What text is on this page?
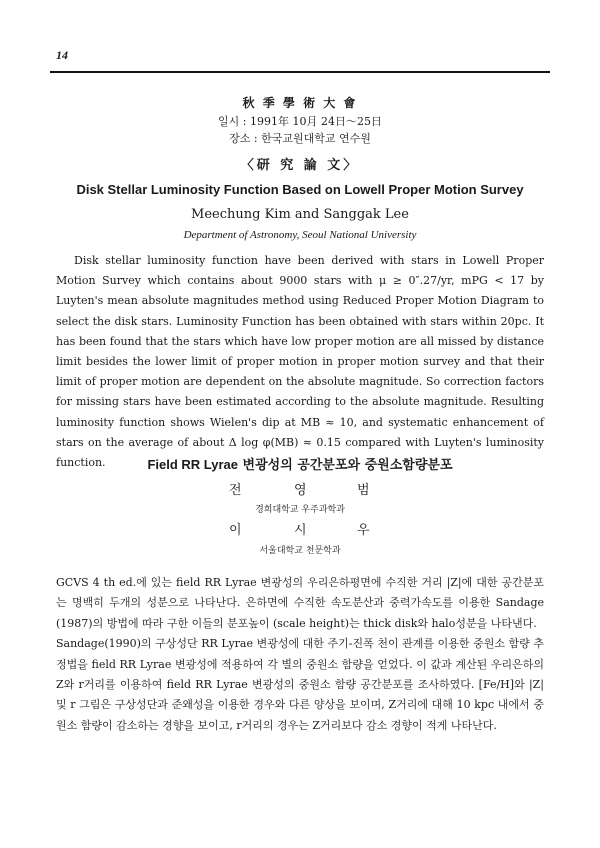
14
秋 季 學 術 大 會
일시 : 1991年 10月 24日～25日
장소 : 한국교원대학교 연수원
〈研 究 論 文〉
Disk Stellar Luminosity Function Based on Lowell Proper Motion Survey
Meechung Kim and Sanggak Lee
Department of Astronomy, Seoul National University

Disk stellar luminosity function have been derived with stars in Lowell Proper Motion Survey which contains about 9000 stars with μ ≥ 0″.27/yr, mPG < 17 by Luyten's mean absolute magnitudes method using Reduced Proper Motion Diagram to select the disk stars. Luminosity Function has been obtained with stars within 20pc. It has been found that the stars which have low proper motion are all missed by distance limit besides the lower limit of proper motion in proper motion survey and that their limit of proper motion are dependent on the absolute magnitude. So correction factors for missing stars have been estimated according to the absolute magnitude. Resulting luminosity function shows Wielen's dip at MB ≈ 10, and systematic enhancement of stars on the average of about Δ log φ(MB) ≈ 0.15 compared with Luyten's luminosity function.	Field RR Lyrae 변광성의 공간분포와 중원소함량분포
전	영	범
경희대학교 우주과학과
이	시	우
서울대학교 천문학과

GCVS 4 th ed.에 있는 field RR Lyrae 변광성의 우리은하평면에 수직한 거리 |Z|에 대한 공간분포는 명백히 두개의 성분으로 나타난다. 은하면에 수직한 속도분산과 중력가속도를 이용한 Sandage (1987)의 방법에 따라 구한 이들의 분포높이 (scale height)는 thick disk와 halo성분을 나타낸다.

Sandage(1990)의 구상성단 RR Lyrae 변광성에 대한 주기-진폭 천이 관계를 이용한 중원소 함량 추정법을 field RR Lyrae 변광성에 적용하여 각 별의 중원소 함량을 얻었다. 이 값과 계산된 우리은하의 Z와 r거리를 이용하여 field RR Lyrae 변광성의 중원소 함량 공간분포를 조사하였다. [Fe/H]와 |Z| 및 r 그림은 구상성단과 준왜성을 이용한 경우와 다른 양상을 보이며, Z거리에 대해 10 kpc 내에서 중원소 함량이 감소하는 경향을 보이고, r거리의 경우는 Z거리보다 감소 경향이 적게 나타난다.
